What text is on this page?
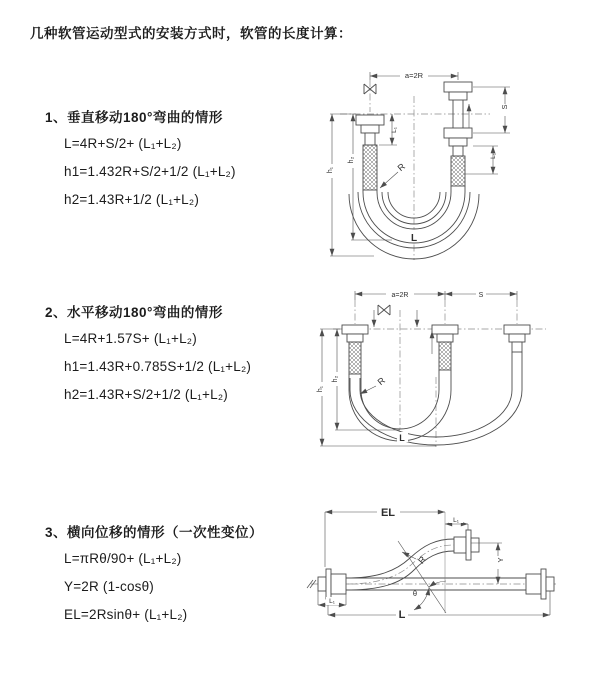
几种软管运动型式的安装方式时，软管的长度计算：
1、垂直移动180°弯曲的情形
L=4R+S/2+ (L₁+L₂)
h1=1.432R+S/2+1/2 (L₁+L₂)
h2=1.43R+1/2 (L₁+L₂)
2、水平移动180°弯曲的情形
L=4R+1.57S+ (L₁+L₂)
h1=1.43R+0.785S+1/2 (L₁+L₂)
h2=1.43R+S/2+1/2 (L₁+L₂)
3、横向位移的情形（一次性变位）
L=πRθ/90+ (L₁+L₂)
Y=2R (1-cosθ)
EL=2Rsinθ+ (L₁+L₂)
a=2R
L₁
h₂
h₁
S
L₁
R
L
a=2R	S
h₂
h₁
R
L
EL
L₁
Y
R
θ
L
L₁
